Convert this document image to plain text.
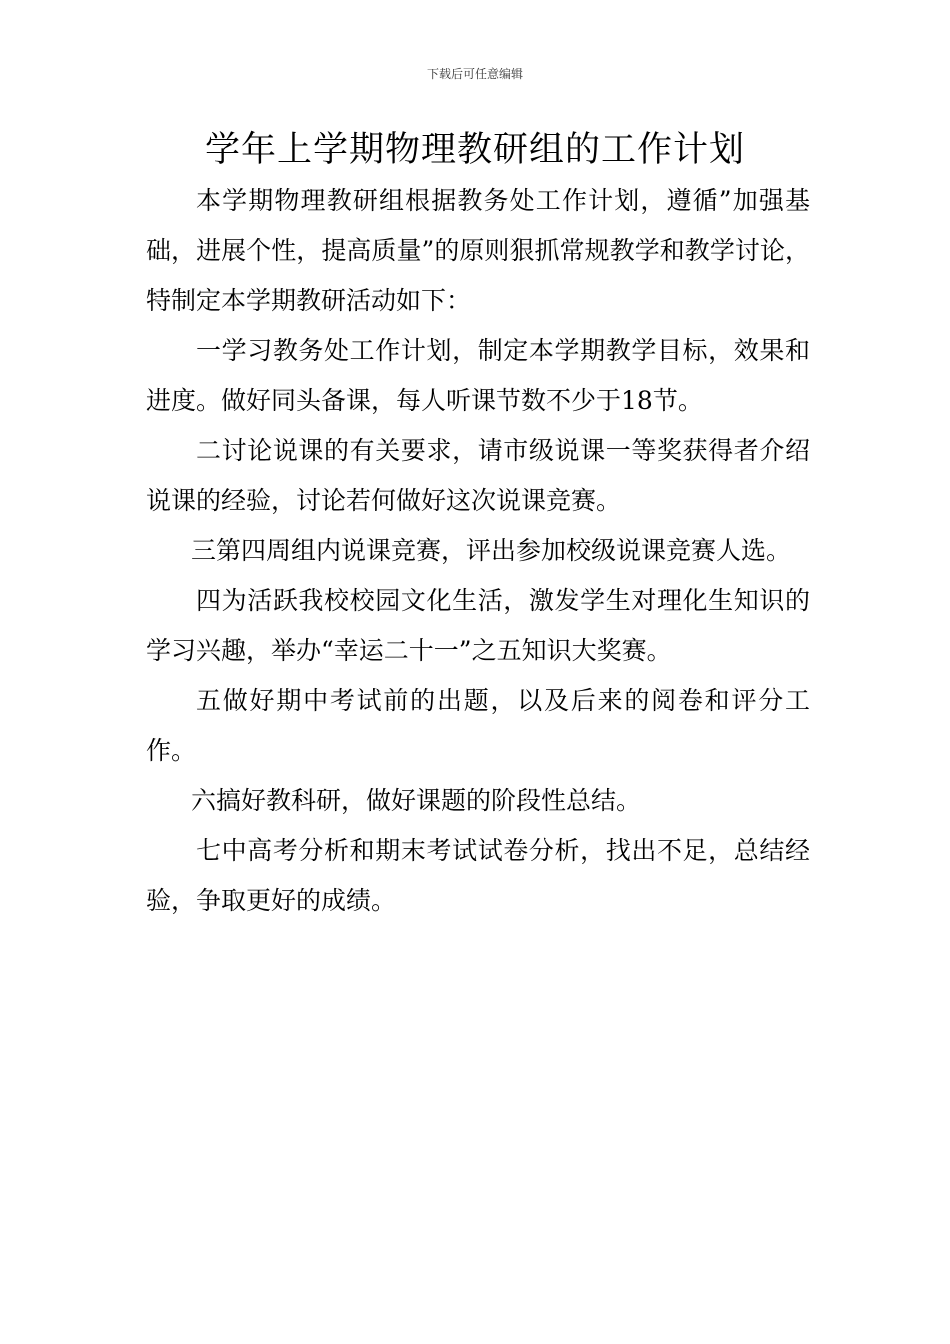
下载后可任意编辑
学年上学期物理教研组的工作计划

本学期物理教研组根据教务处工作计划，遵循”加强基础，进展个性，提高质量”的原则狠抓常规教学和教学讨论，特制定本学期教研活动如下：

一学习教务处工作计划，制定本学期教学目标，效果和进度。做好同头备课，每人听课节数不少于18节。

二讨论说课的有关要求，请市级说课一等奖获得者介绍说课的经验，讨论若何做好这次说课竞赛。

三第四周组内说课竞赛，评出参加校级说课竞赛人选。

四为活跃我校校园文化生活，激发学生对理化生知识的学习兴趣，举办“幸运二十一”之五知识大奖赛。

五做好期中考试前的出题，以及后来的阅卷和评分工作。

六搞好教科研，做好课题的阶段性总结。

七中高考分析和期末考试试卷分析，找出不足，总结经验，争取更好的成绩。
